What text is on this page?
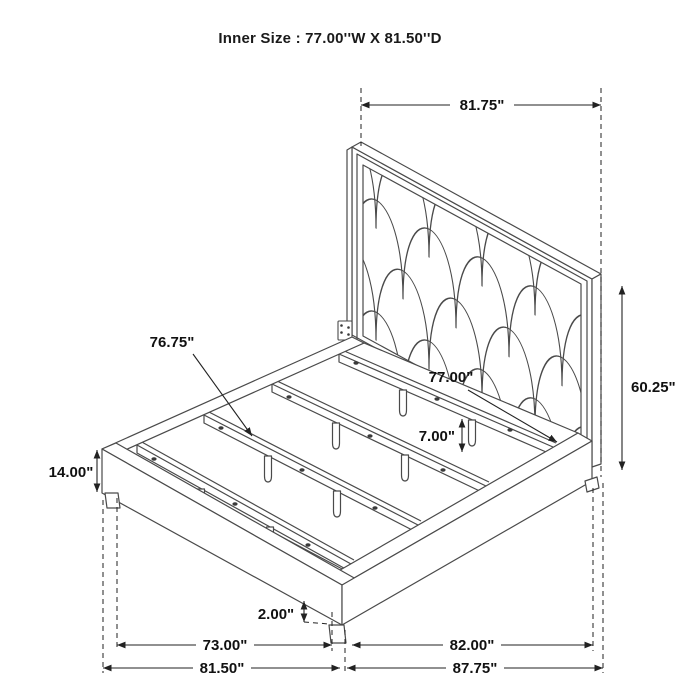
Inner Size : 77.00''W X 81.50''D
81.75"
60.25"
76.75"
77.00"
7.00"
14.00"
2.00"
73.00"	82.00"
81.50"	87.75"
